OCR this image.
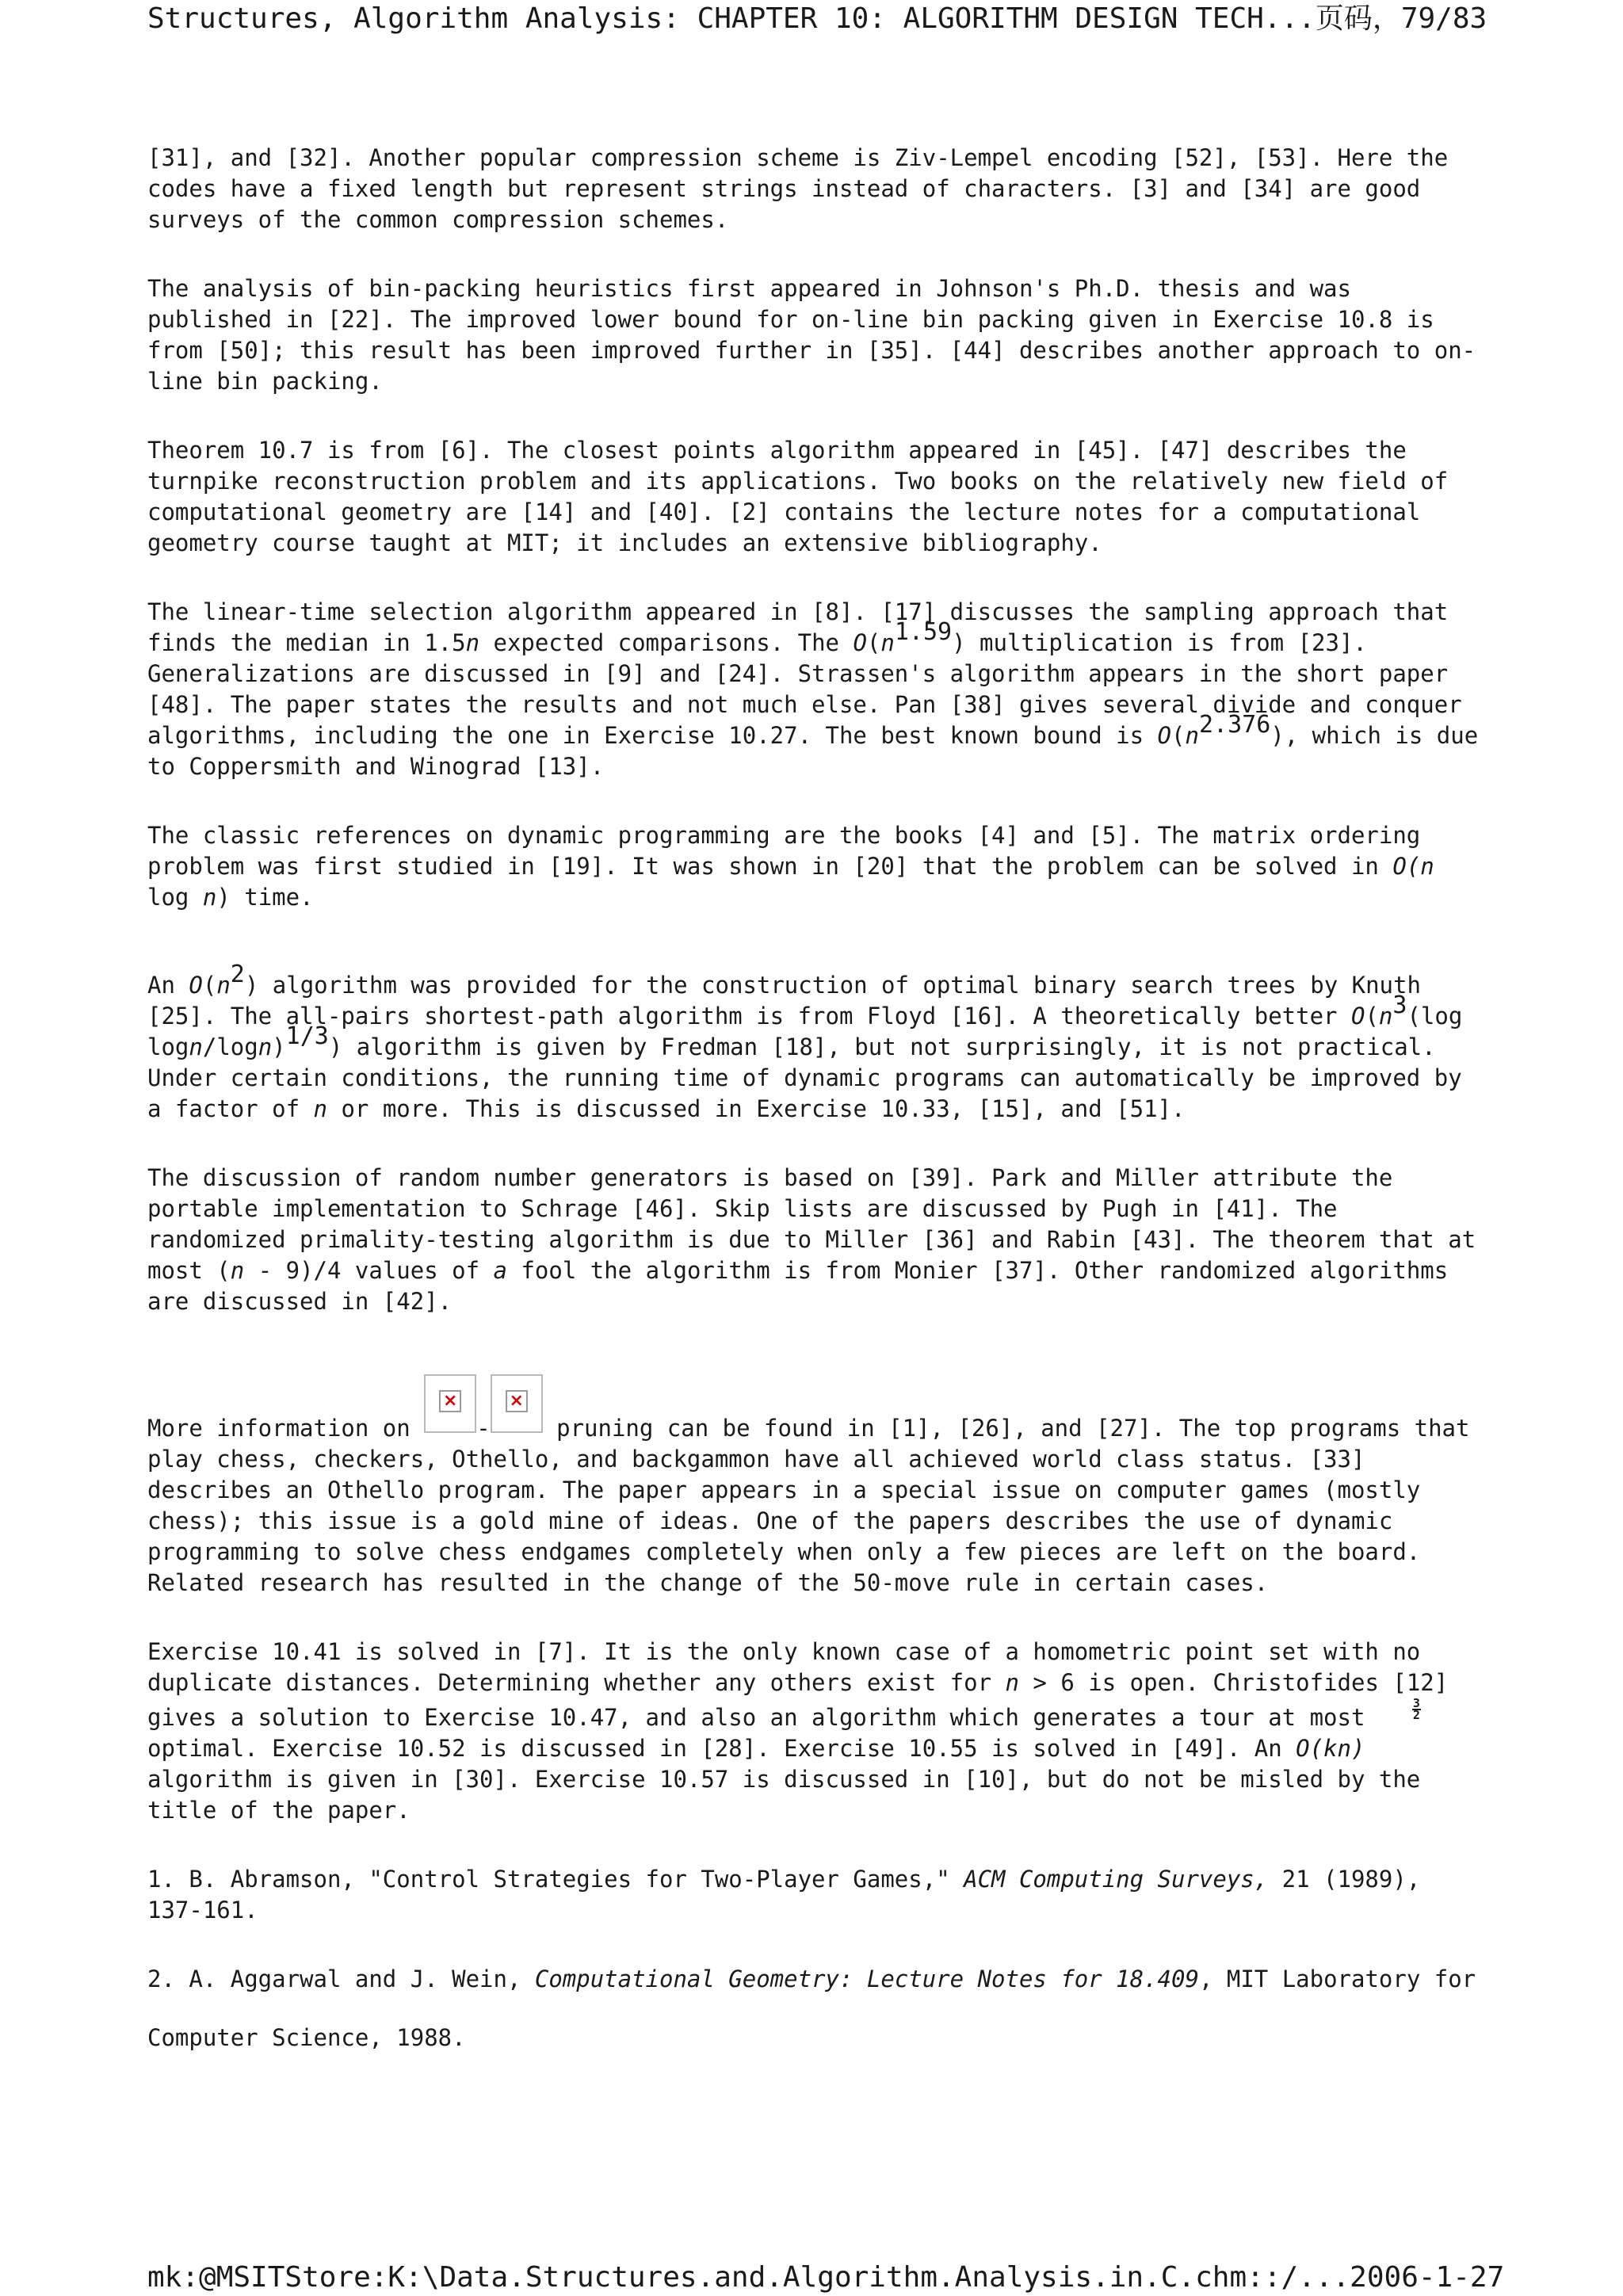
Structures, Algorithm Analysis: CHAPTER 10: ALGORITHM DESIGN TECH... 页码，79/83

[31], and [32]. Another popular compression scheme is Ziv-Lempel encoding [52], [53]. Here the codes have a fixed length but represent strings instead of characters. [3] and [34] are good surveys of the common compression schemes.

The analysis of bin-packing heuristics first appeared in Johnson's Ph.D. thesis and was published in [22]. The improved lower bound for on-line bin packing given in Exercise 10.8 is from [50]; this result has been improved further in [35]. [44] describes another approach to on-line bin packing.

Theorem 10.7 is from [6]. The closest points algorithm appeared in [45]. [47] describes the turnpike reconstruction problem and its applications. Two books on the relatively new field of computational geometry are [14] and [40]. [2] contains the lecture notes for a computational geometry course taught at MIT; it includes an extensive bibliography.

The linear-time selection algorithm appeared in [8]. [17] discusses the sampling approach that finds the median in 1.5n expected comparisons. The $O(n^{1.59})$ multiplication is from [23]. Generalizations are discussed in [9] and [24]. Strassen's algorithm appears in the short paper [48]. The paper states the results and not much else. Pan [38] gives several divide and conquer algorithms, including the one in Exercise 10.27. The best known bound is $O(n^{2.376})$, which is due to Coppersmith and Winograd [13].

The classic references on dynamic programming are the books [4] and [5]. The matrix ordering problem was first studied in [19]. It was shown in [20] that the problem can be solved in O(n log n) time.

An $O(n^2)$ algorithm was provided for the construction of optimal binary search trees by Knuth [25]. The all-pairs shortest-path algorithm is from Floyd [16]. A theoretically better $O(n^3(\log$ logn/logn)$^{1/3}$) algorithm is given by Fredman [18], but not surprisingly, it is not practical. Under certain conditions, the running time of dynamic programs can automatically be improved by a factor of n or more. This is discussed in Exercise 10.33, [15], and [51].

The discussion of random number generators is based on [39]. Park and Miller attribute the portable implementation to Schrage [46]. Skip lists are discussed by Pugh in [41]. The randomized primality-testing algorithm is due to Miller [36] and Rabin [43]. The theorem that at most (n - 9)/4 values of a fool the algorithm is from Monier [37]. Other randomized algorithms are discussed in [42].

More information on
×
-
×
pruning can be found in [1], [26], and [27]. The top programs that play chess, checkers, Othello, and backgammon have all achieved world class status. [33] describes an Othello program. The paper appears in a special issue on computer games (mostly chess); this issue is a gold mine of ideas. One of the papers describes the use of dynamic programming to solve chess endgames completely when only a few pieces are left on the board. Related research has resulted in the change of the 50-move rule in certain cases.

Exercise 10.41 is solved in [7]. It is the only known case of a homometric point set with no duplicate distances. Determining whether any others exist for n > 6 is open. Christofides [12] gives a solution to Exercise 10.47, and also an algorithm which generates a tour at most	$\frac{3}{2}$
optimal. Exercise 10.52 is discussed in [28]. Exercise 10.55 is solved in [49]. An O(kn) algorithm is given in [30]. Exercise 10.57 is discussed in [10], but do not be misled by the title of the paper.

1. B. Abramson, "Control Strategies for Two-Player Games," ACM Computing Surveys, 21 (1989), 137-161.

2. A. Aggarwal and J. Wein, Computational Geometry: Lecture Notes for 18.409, MIT Laboratory for Computer Science, 1988.

mk:@MSITStore:K:\Data.Structures.and.Algorithm.Analysis.in.C.chm::/... 2006-1-27
